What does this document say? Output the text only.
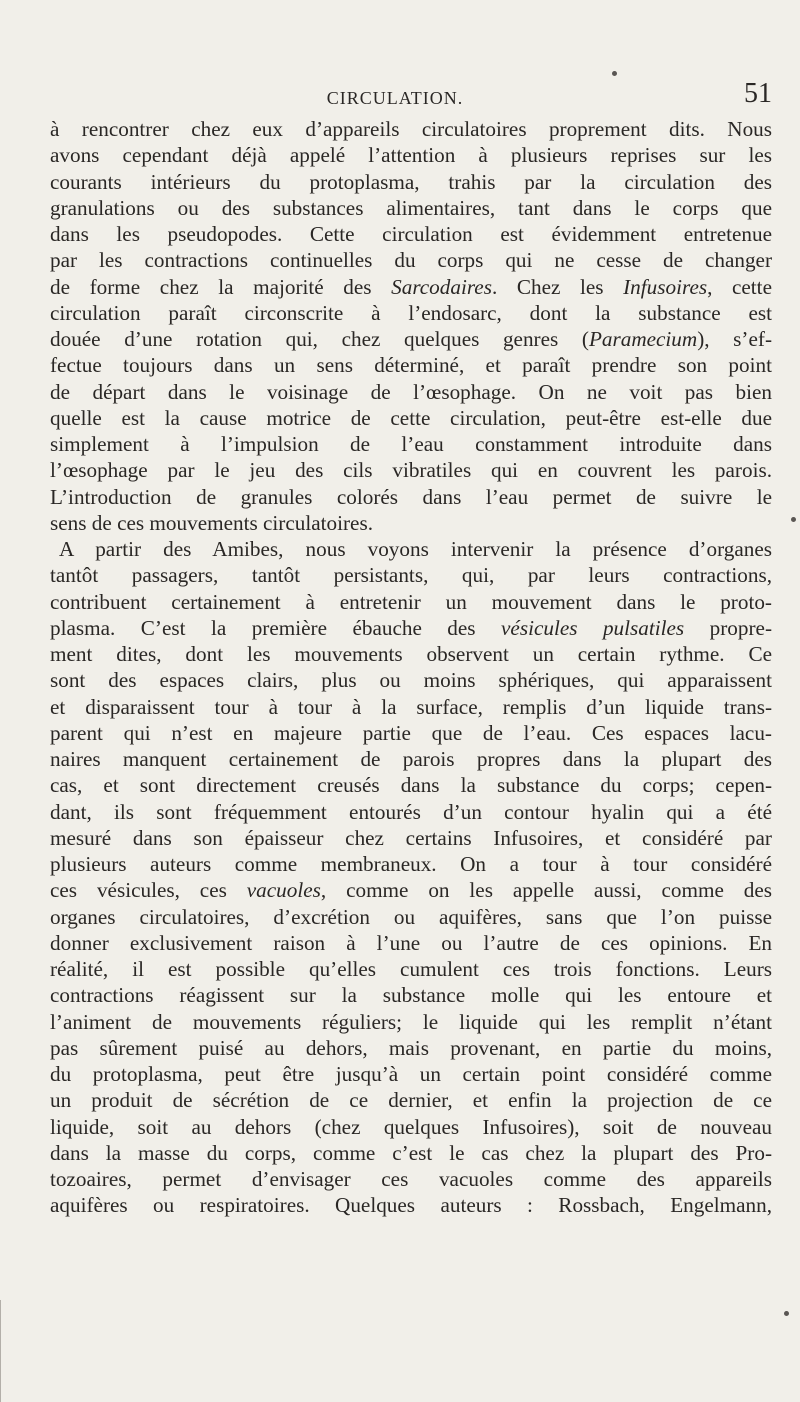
CIRCULATION.	51
à rencontrer chez eux d’appareils circulatoires proprement dits. Nous
avons cependant déjà appelé l’attention à plusieurs reprises sur les
courants intérieurs du protoplasma, trahis par la circulation des
granulations ou des substances alimentaires, tant dans le corps que
dans les pseudopodes. Cette circulation est évidemment entretenue
par les contractions continuelles du corps qui ne cesse de changer
de forme chez la majorité des Sarcodaires. Chez les Infusoires, cette
circulation paraît circonscrite à l’endosarc, dont la substance est
douée d’une rotation qui, chez quelques genres (Paramecium), s’ef-
fectue toujours dans un sens déterminé, et paraît prendre son point
de départ dans le voisinage de l’œsophage. On ne voit pas bien
quelle est la cause motrice de cette circulation, peut-être est-elle due
simplement à l’impulsion de l’eau constamment introduite dans
l’œsophage par le jeu des cils vibratiles qui en couvrent les parois.
L’introduction de granules colorés dans l’eau permet de suivre le
sens de ces mouvements circulatoires.
A partir des Amibes, nous voyons intervenir la présence d’organes
tantôt passagers, tantôt persistants, qui, par leurs contractions,
contribuent certainement à entretenir un mouvement dans le proto-
plasma. C’est la première ébauche des vésicules pulsatiles propre-
ment dites, dont les mouvements observent un certain rythme. Ce
sont des espaces clairs, plus ou moins sphériques, qui apparaissent
et disparaissent tour à tour à la surface, remplis d’un liquide trans-
parent qui n’est en majeure partie que de l’eau. Ces espaces lacu-
naires manquent certainement de parois propres dans la plupart des
cas, et sont directement creusés dans la substance du corps; cepen-
dant, ils sont fréquemment entourés d’un contour hyalin qui a été
mesuré dans son épaisseur chez certains Infusoires, et considéré par
plusieurs auteurs comme membraneux. On a tour à tour considéré
ces vésicules, ces vacuoles, comme on les appelle aussi, comme des
organes circulatoires, d’excrétion ou aquifères, sans que l’on puisse
donner exclusivement raison à l’une ou l’autre de ces opinions. En
réalité, il est possible qu’elles cumulent ces trois fonctions. Leurs
contractions réagissent sur la substance molle qui les entoure et
l’animent de mouvements réguliers; le liquide qui les remplit n’étant
pas sûrement puisé au dehors, mais provenant, en partie du moins,
du protoplasma, peut être jusqu’à un certain point considéré comme
un produit de sécrétion de ce dernier, et enfin la projection de ce
liquide, soit au dehors (chez quelques Infusoires), soit de nouveau
dans la masse du corps, comme c’est le cas chez la plupart des Pro-
tozoaires, permet d’envisager ces vacuoles comme des appareils
aquifères ou respiratoires. Quelques auteurs : Rossbach, Engelmann,
